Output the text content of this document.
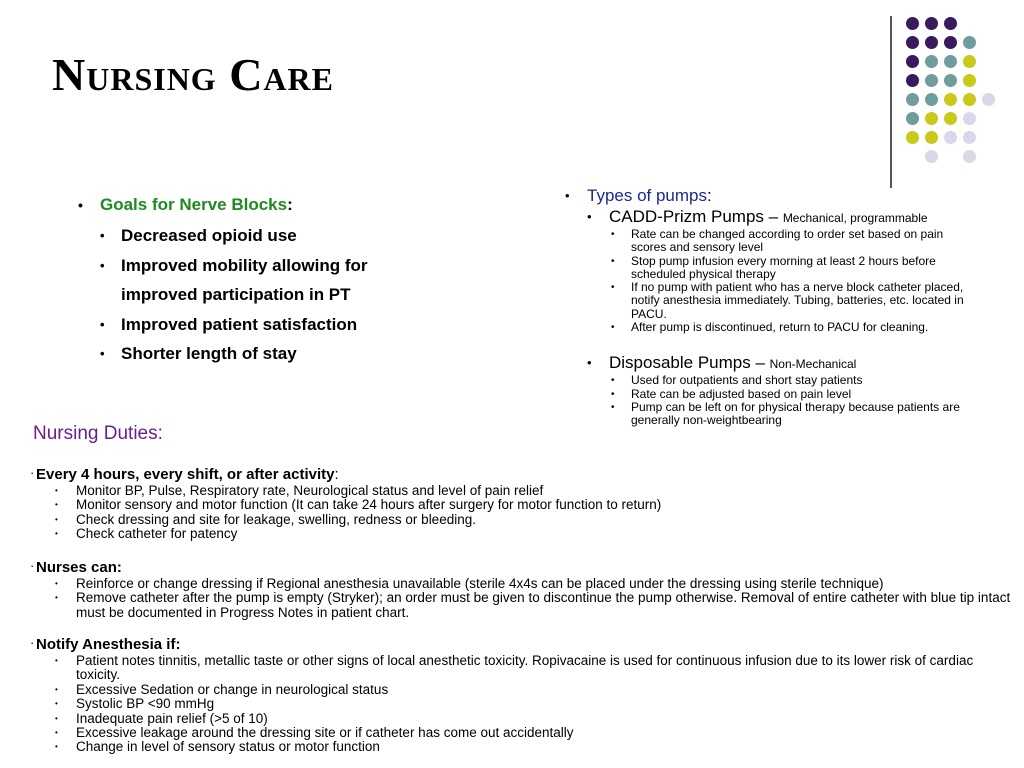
Nursing Care
• Goals for Nerve Blocks:
• Decreased opioid use
• Improved mobility allowing for improved participation in PT
• Improved patient satisfaction
• Shorter length of stay
• Types of pumps:
• CADD-Prizm Pumps – Mechanical, programmable
• Rate can be changed according to order set based on pain scores and sensory level
• Stop pump infusion every morning at least 2 hours before scheduled physical therapy
• If no pump with patient who has a nerve block catheter placed, notify anesthesia immediately. Tubing, batteries, etc. located in PACU.
• After pump is discontinued, return to PACU for cleaning.
• Disposable Pumps – Non-Mechanical
• Used for outpatients and short stay patients
• Rate can be adjusted based on pain level
• Pump can be left on for physical therapy because patients are generally non-weightbearing
Nursing Duties:
· Every 4 hours, every shift, or after activity:
• Monitor BP, Pulse, Respiratory rate, Neurological status and level of pain relief
• Monitor sensory and motor function (It can take 24 hours after surgery for motor function to return)
• Check dressing and site for leakage, swelling, redness or bleeding.
• Check catheter for patency
· Nurses can:
• Reinforce or change dressing if Regional anesthesia unavailable (sterile 4x4s can be placed under the dressing using sterile technique)
• Remove catheter after the pump is empty (Stryker); an order must be given to discontinue the pump otherwise. Removal of entire catheter with blue tip intact must be documented in Progress Notes in patient chart.
· Notify Anesthesia if:
• Patient notes tinnitis, metallic taste or other signs of local anesthetic toxicity. Ropivacaine is used for continuous infusion due to its lower risk of cardiac toxicity.
• Excessive Sedation or change in neurological status
• Systolic BP <90 mmHg
• Inadequate pain relief (>5 of 10)
• Excessive leakage around the dressing site or if catheter has come out accidentally
• Change in level of sensory status or motor function
